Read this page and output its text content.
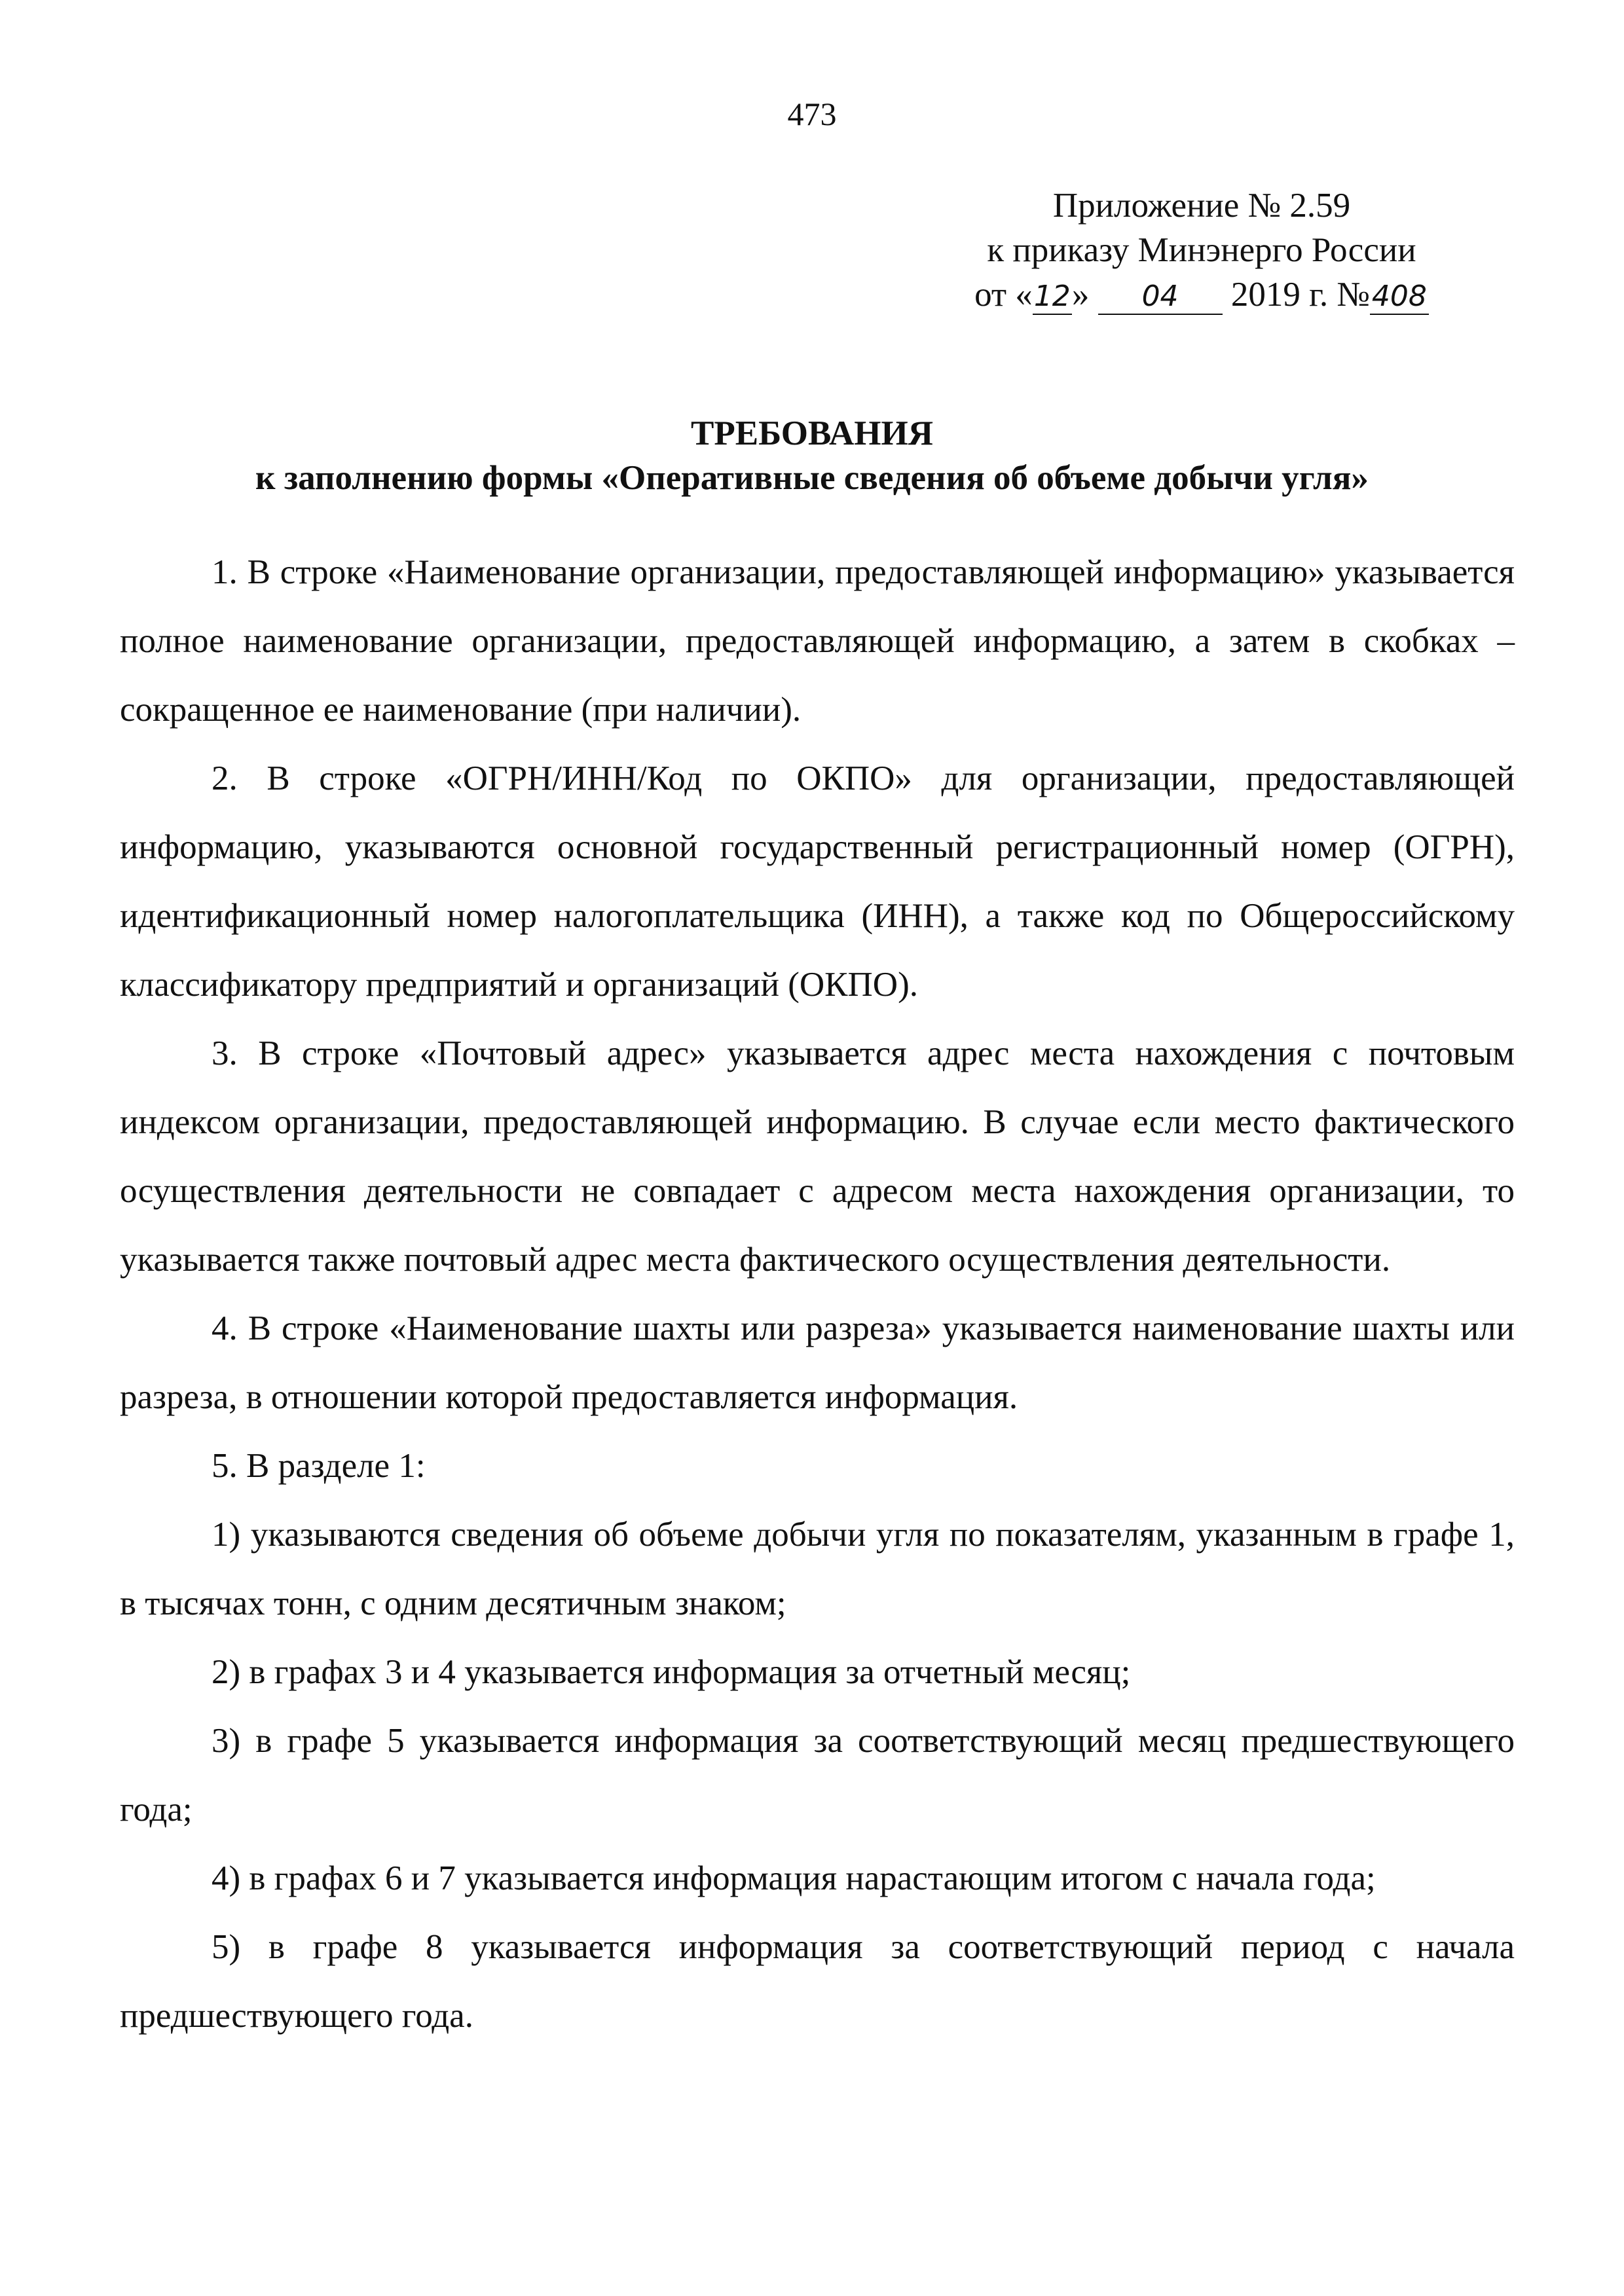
473
Приложение № 2.59
к приказу Минэнерго России
от «12» 04 2019 г. №408
ТРЕБОВАНИЯ
к заполнению формы «Оперативные сведения об объеме добычи угля»

1. В строке «Наименование организации, предоставляющей информацию» указывается полное наименование организации, предоставляющей информацию, а затем в скобках – сокращенное ее наименование (при наличии).

2. В строке «ОГРН/ИНН/Код по ОКПО» для организации, предоставляющей информацию, указываются основной государственный регистрационный номер (ОГРН), идентификационный номер налогоплательщика (ИНН), а также код по Общероссийскому классификатору предприятий и организаций (ОКПО).

3. В строке «Почтовый адрес» указывается адрес места нахождения с почтовым индексом организации, предоставляющей информацию. В случае если место фактического осуществления деятельности не совпадает с адресом места нахождения организации, то указывается также почтовый адрес места фактического осуществления деятельности.

4. В строке «Наименование шахты или разреза» указывается наименование шахты или разреза, в отношении которой предоставляется информация.

5. В разделе 1:

1) указываются сведения об объеме добычи угля по показателям, указанным в графе 1, в тысячах тонн, с одним десятичным знаком;

2) в графах 3 и 4 указывается информация за отчетный месяц;

3) в графе 5 указывается информация за соответствующий месяц предшествующего года;

4) в графах 6 и 7 указывается информация нарастающим итогом с начала года;

5) в графе 8 указывается информация за соответствующий период с начала предшествующего года.
